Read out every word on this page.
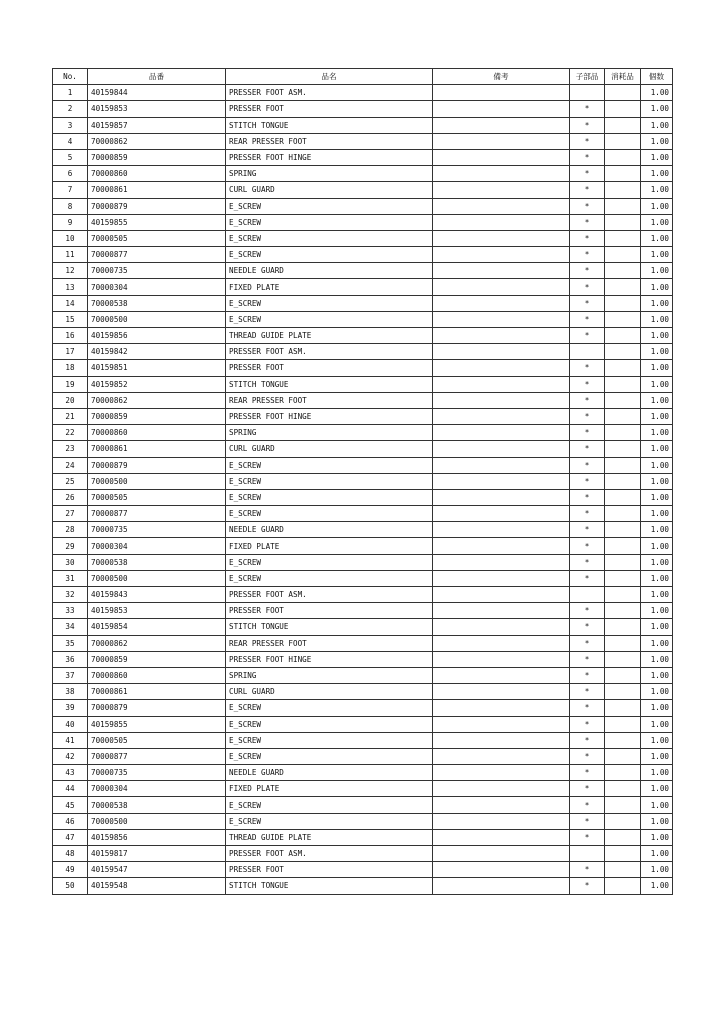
No.	品番	品名	備考	子部品	消耗品	個数
1	40159844	PRESSER FOOT ASM.				1.00
2	40159853	PRESSER FOOT		*		1.00
3	40159857	STITCH TONGUE		*		1.00
4	70000862	REAR PRESSER FOOT		*		1.00
5	70000859	PRESSER FOOT HINGE		*		1.00
6	70000860	SPRING		*		1.00
7	70000861	CURL GUARD		*		1.00
8	70000879	E_SCREW		*		1.00
9	40159855	E_SCREW		*		1.00
10	70000505	E_SCREW		*		1.00
11	70000877	E_SCREW		*		1.00
12	70000735	NEEDLE GUARD		*		1.00
13	70000304	FIXED PLATE		*		1.00
14	70000538	E_SCREW		*		1.00
15	70000500	E_SCREW		*		1.00
16	40159856	THREAD GUIDE PLATE		*		1.00
17	40159842	PRESSER FOOT ASM.				1.00
18	40159851	PRESSER FOOT		*		1.00
19	40159852	STITCH TONGUE		*		1.00
20	70000862	REAR PRESSER FOOT		*		1.00
21	70000859	PRESSER FOOT HINGE		*		1.00
22	70000860	SPRING		*		1.00
23	70000861	CURL GUARD		*		1.00
24	70000879	E_SCREW		*		1.00
25	70000500	E_SCREW		*		1.00
26	70000505	E_SCREW		*		1.00
27	70000877	E_SCREW		*		1.00
28	70000735	NEEDLE GUARD		*		1.00
29	70000304	FIXED PLATE		*		1.00
30	70000538	E_SCREW		*		1.00
31	70000500	E_SCREW		*		1.00
32	40159843	PRESSER FOOT ASM.				1.00
33	40159853	PRESSER FOOT		*		1.00
34	40159854	STITCH TONGUE		*		1.00
35	70000862	REAR PRESSER FOOT		*		1.00
36	70000859	PRESSER FOOT HINGE		*		1.00
37	70000860	SPRING		*		1.00
38	70000861	CURL GUARD		*		1.00
39	70000879	E_SCREW		*		1.00
40	40159855	E_SCREW		*		1.00
41	70000505	E_SCREW		*		1.00
42	70000877	E_SCREW		*		1.00
43	70000735	NEEDLE GUARD		*		1.00
44	70000304	FIXED PLATE		*		1.00
45	70000538	E_SCREW		*		1.00
46	70000500	E_SCREW		*		1.00
47	40159856	THREAD GUIDE PLATE		*		1.00
48	40159817	PRESSER FOOT ASM.				1.00
49	40159547	PRESSER FOOT		*		1.00
50	40159548	STITCH TONGUE		*		1.00
